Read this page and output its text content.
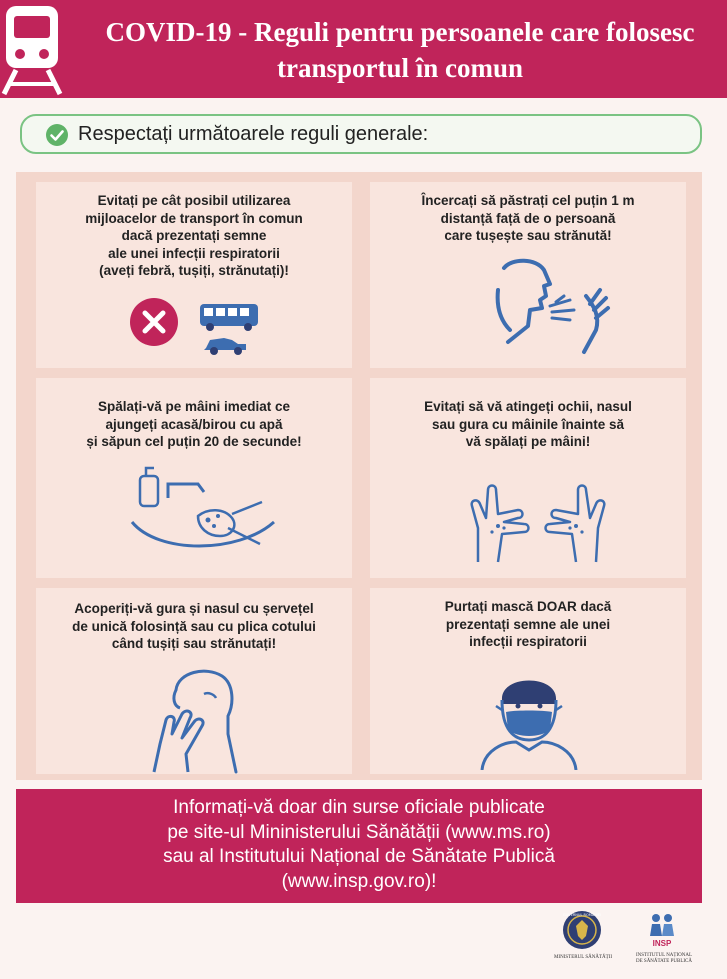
COVID-19 - Reguli pentru persoanele care folosesc transportul în comun
Respectați următoarele reguli generale:
Evitați pe cât posibil utilizarea
mijloacelor de transport în comun
dacă prezentați semne
ale unei infecții respiratorii
(aveți febră, tușiți, strănutați)!
Încercați să păstrați cel puțin 1 m
distanță față de o persoană
care tușește sau strănută!
Spălați-vă pe mâini imediat ce
ajungeți acasă/birou cu apă
și săpun cel puțin 20 de secunde!
Evitați să vă atingeți ochii, nasul
sau gura cu mâinile înainte să
vă spălați pe mâini!
Acoperiți-vă gura și nasul cu șervețel
de unică folosință sau cu plica cotului
când tușiți sau strănutați!
Purtați mască DOAR dacă
prezentați semne ale unei
infecții respiratorii
Informați-vă doar din surse oficiale publicate
pe site-ul Mininisterului Sănătății (www.ms.ro)
sau al Institutului Național de Sănătate Publică
(www.insp.gov.ro)!
GUVERNUL ROMÂNIEI
MINISTERUL SĂNĂTĂȚII
INSP
INSTITUTUL NAȚIONAL
DE SĂNĂTATE PUBLICĂ
